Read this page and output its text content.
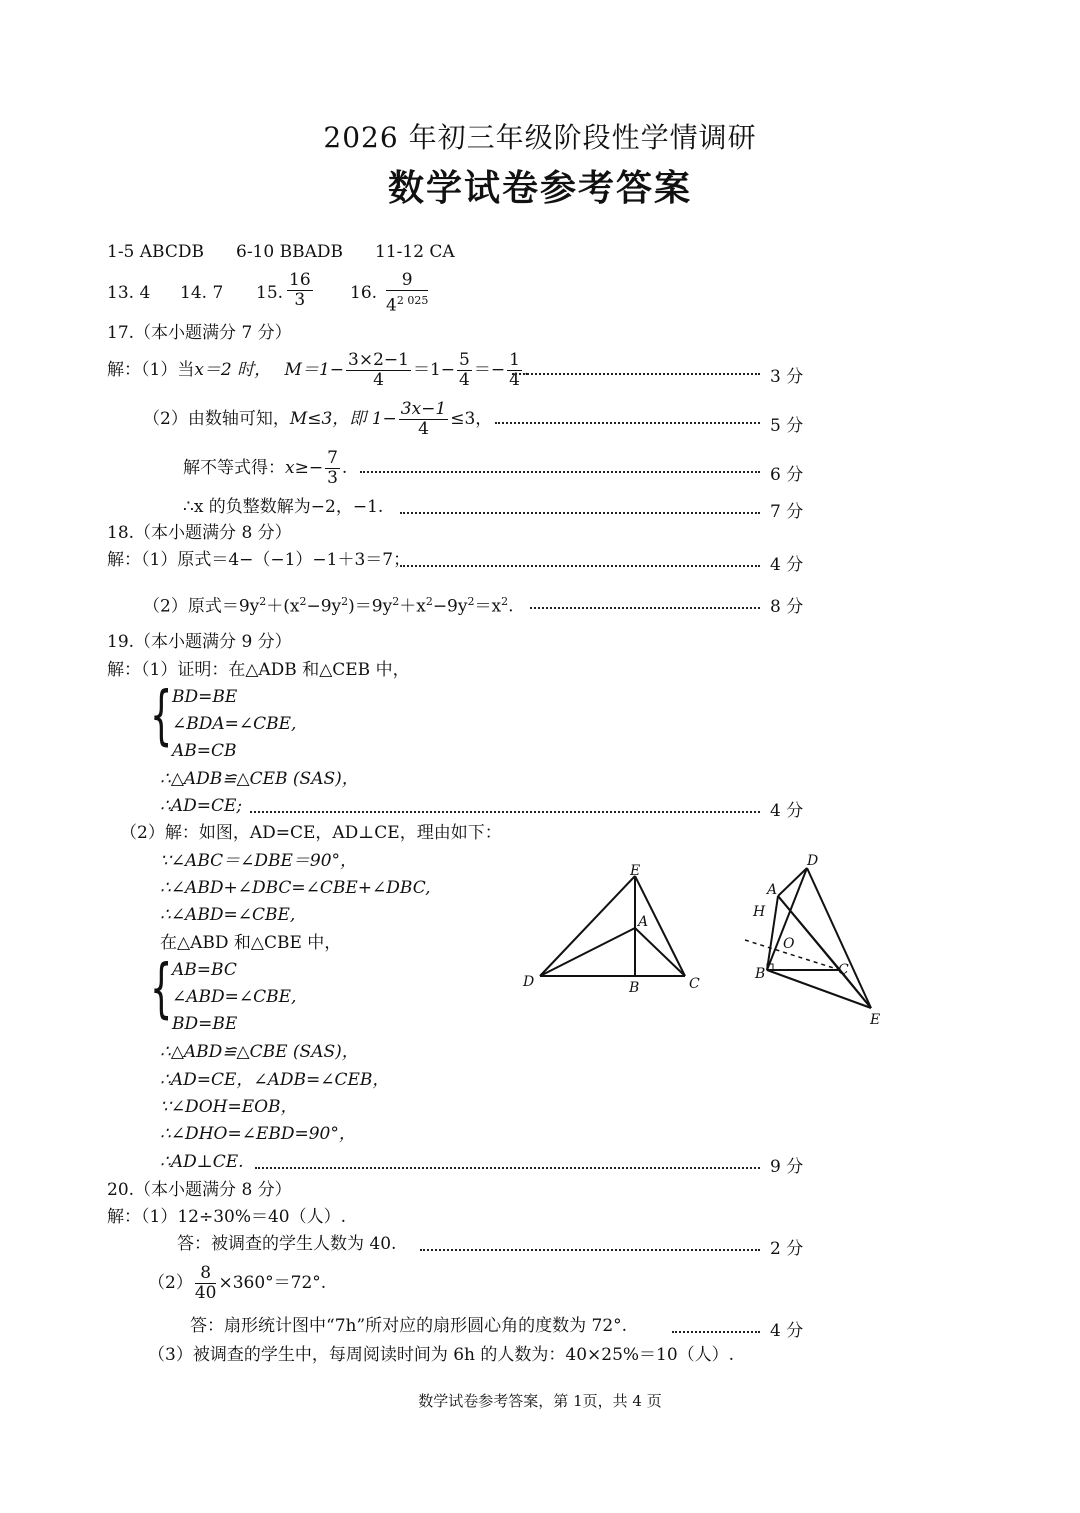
2026 年初三年级阶段性学情调研
数学试卷参考答案
1-5 ABCDB 6-10 BBADB 11-12 CA
13. 4 14. 7 15. $\frac{16}{3} 16$. $\frac{9}{4^{2 025}}$
17.（本小题满分 7 分）
解：（1）当x＝2 时， $M=1- \frac{3\times 2-1}{4} =1- \frac{5}{4} =- \frac{1}{4}$ .	3 分
（2）由数轴可知，M≤3，即 $1- \frac{3x-1}{4} \le 3$，	5 分
解不等式得：$x\ge- \frac{7}{3}$ .	6 分
∴x 的负整数解为−2，−1.	7 分
18.（本小题满分 8 分）
解：（1）原式＝4−（−1）−1＋3＝7；	4 分
（2）原式$=9y^2+(x^2-9y^2)=9y^2+x^2-9y^2=x^2$.	8 分
19.（本小题满分 9 分）
解：（1）证明：在△ADB 和△CEB 中，
{ BD=BE
∠BDA=∠CBE,
AB=CB
∴△ADB≌△CEB (SAS)，
∴AD=CE;	4 分
（2）解：如图，AD=CE，AD⊥CE，理由如下：
∵∠ABC＝∠DBE＝90°，
∴∠ABD+∠DBC=∠CBE+∠DBC,
∴∠ABD=∠CBE,
在△ABD 和△CBE 中，
{ AB=BC
∠ABD=∠CBE,
BD=BE
∴△ABD≌△CBE (SAS)，
∴AD=CE，∠ADB=∠CEB，
∵∠DOH=EOB，
∴∠DHO=∠EBD=90°，
∴AD⊥CE.	9 分
E
A
D	B	C
D
A
H
O
B	C
E
20.（本小题满分 8 分）
解：（1）12÷30%＝40（人）.
答：被调查的学生人数为 40.	2 分
$(2) \frac{8}{40} \times 360^\circ=72^\circ$.
答：扇形统计图中“7h”所对应的扇形圆心角的度数为 72°.	4 分
（3）被调查的学生中，每周阅读时间为 6h 的人数为：40×25%＝10（人）.
数学试卷参考答案，第 1页，共 4 页
